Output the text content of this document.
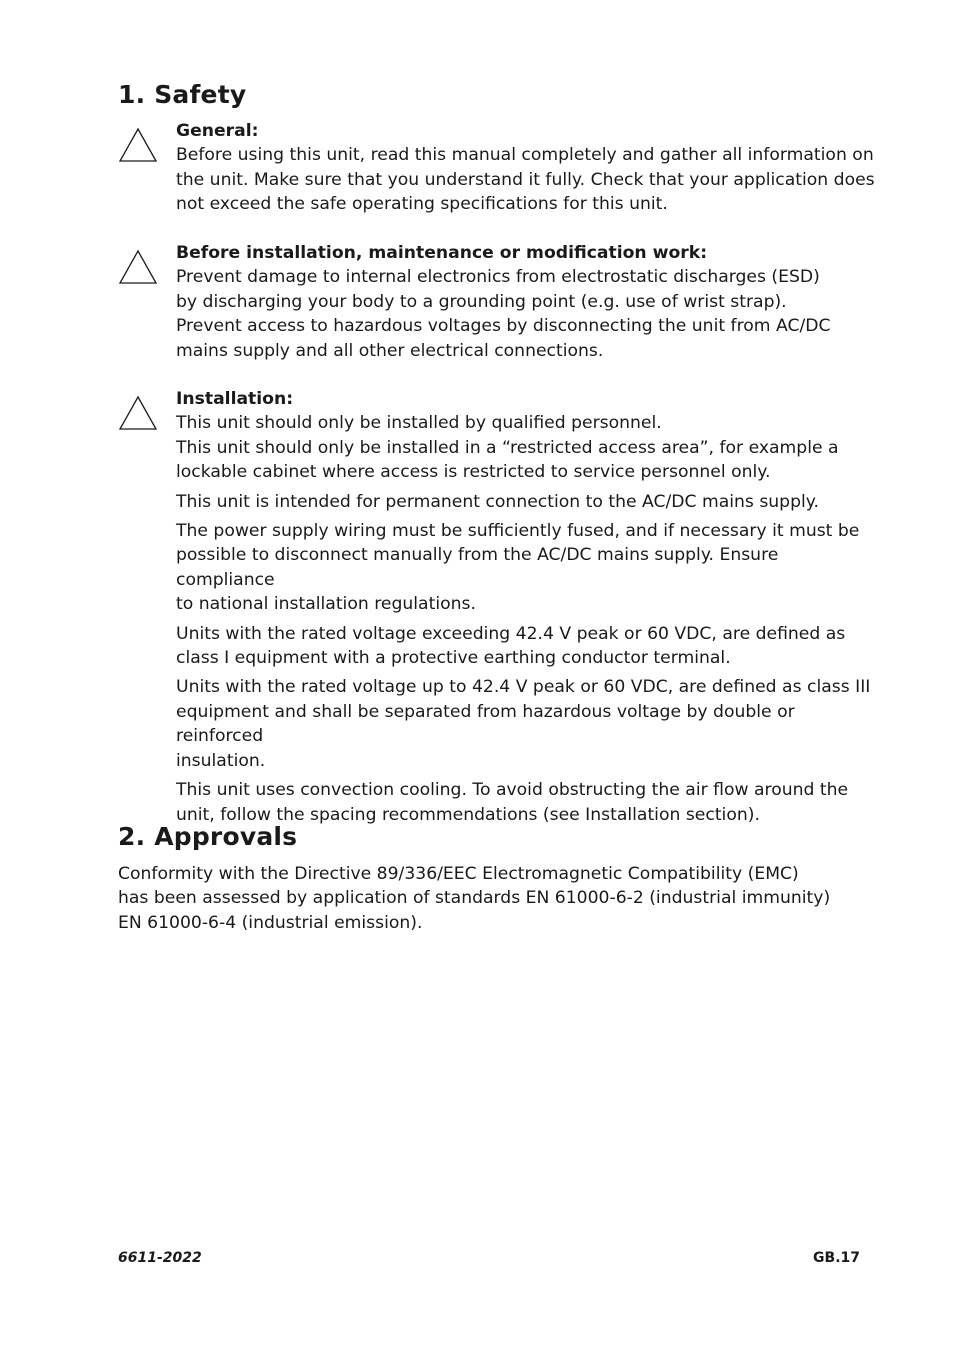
1. Safety
General:
Before using this unit, read this manual completely and gather all information on
the unit. Make sure that you understand it fully. Check that your application does
not exceed the safe operating specifications for this unit.
Before installation, maintenance or modification work:
Prevent damage to internal electronics from electrostatic discharges (ESD)
by discharging your body to a grounding point (e.g. use of wrist strap).
Prevent access to hazardous voltages by disconnecting the unit from AC/DC
mains supply and all other electrical connections.
Installation:

This unit should only be installed by qualified personnel.
This unit should only be installed in a “restricted access area”, for example a
lockable cabinet where access is restricted to service personnel only.

This unit is intended for permanent connection to the AC/DC mains supply.

The power supply wiring must be sufficiently fused, and if necessary it must be
possible to disconnect manually from the AC/DC mains supply. Ensure compliance
to national installation regulations.

Units with the rated voltage exceeding 42.4 V peak or 60 VDC, are defined as
class I equipment with a protective earthing conductor terminal.

Units with the rated voltage up to 42.4 V peak or 60 VDC, are defined as class III
equipment and shall be separated from hazardous voltage by double or reinforced
insulation.

This unit uses convection cooling. To avoid obstructing the air flow around the
unit, follow the spacing recommendations (see Installation section).

2. Approvals
Conformity with the Directive 89/336/EEC Electromagnetic Compatibility (EMC)
has been assessed by application of standards EN 61000-6-2 (industrial immunity)
EN 61000-6-4 (industrial emission).
6611-2022	GB.17
